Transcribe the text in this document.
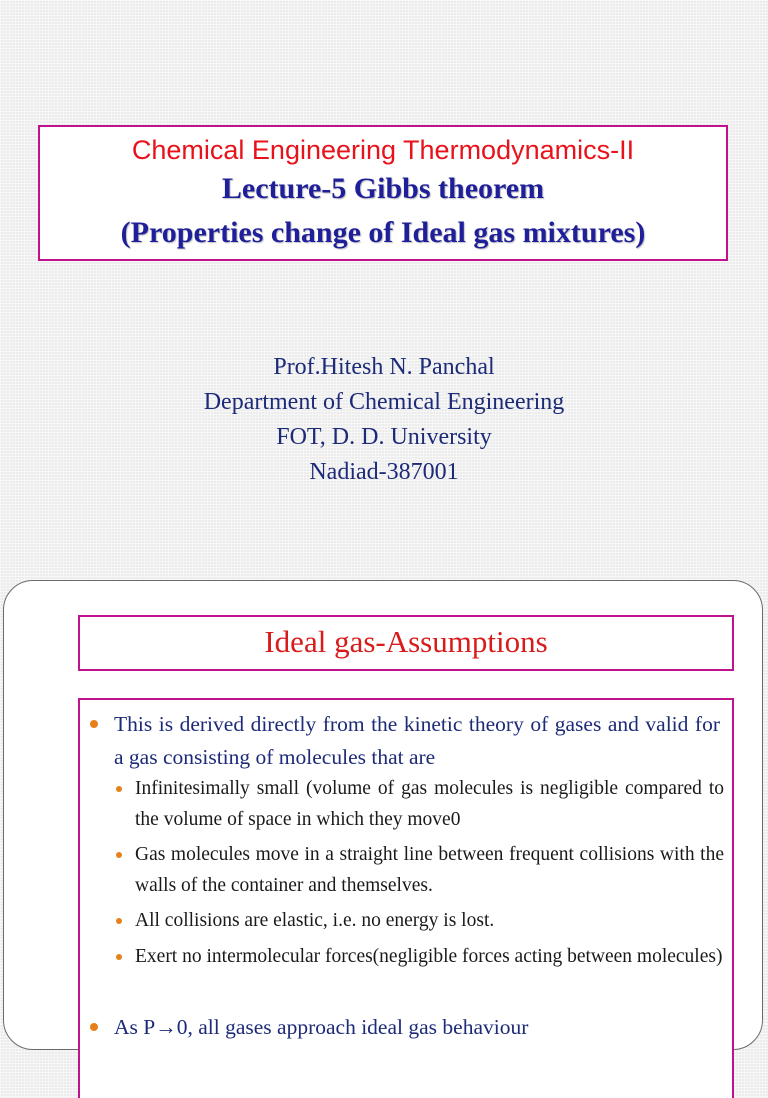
Chemical Engineering Thermodynamics-II
Lecture-5 Gibbs theorem
(Properties change of Ideal gas mixtures)
Prof.Hitesh N. Panchal
Department of Chemical Engineering
FOT, D. D. University
Nadiad-387001
Ideal gas-Assumptions
This is derived directly from the kinetic theory of gases and valid for a gas consisting of molecules that are
Infinitesimally small (volume of gas molecules is negligible compared to the volume of space in which they move0
Gas molecules move in a straight line between frequent collisions with the walls of the container and themselves.
All collisions are elastic, i.e. no energy is lost.
Exert no intermolecular forces(negligible forces acting between molecules)
As P→0, all gases approach ideal gas behaviour
